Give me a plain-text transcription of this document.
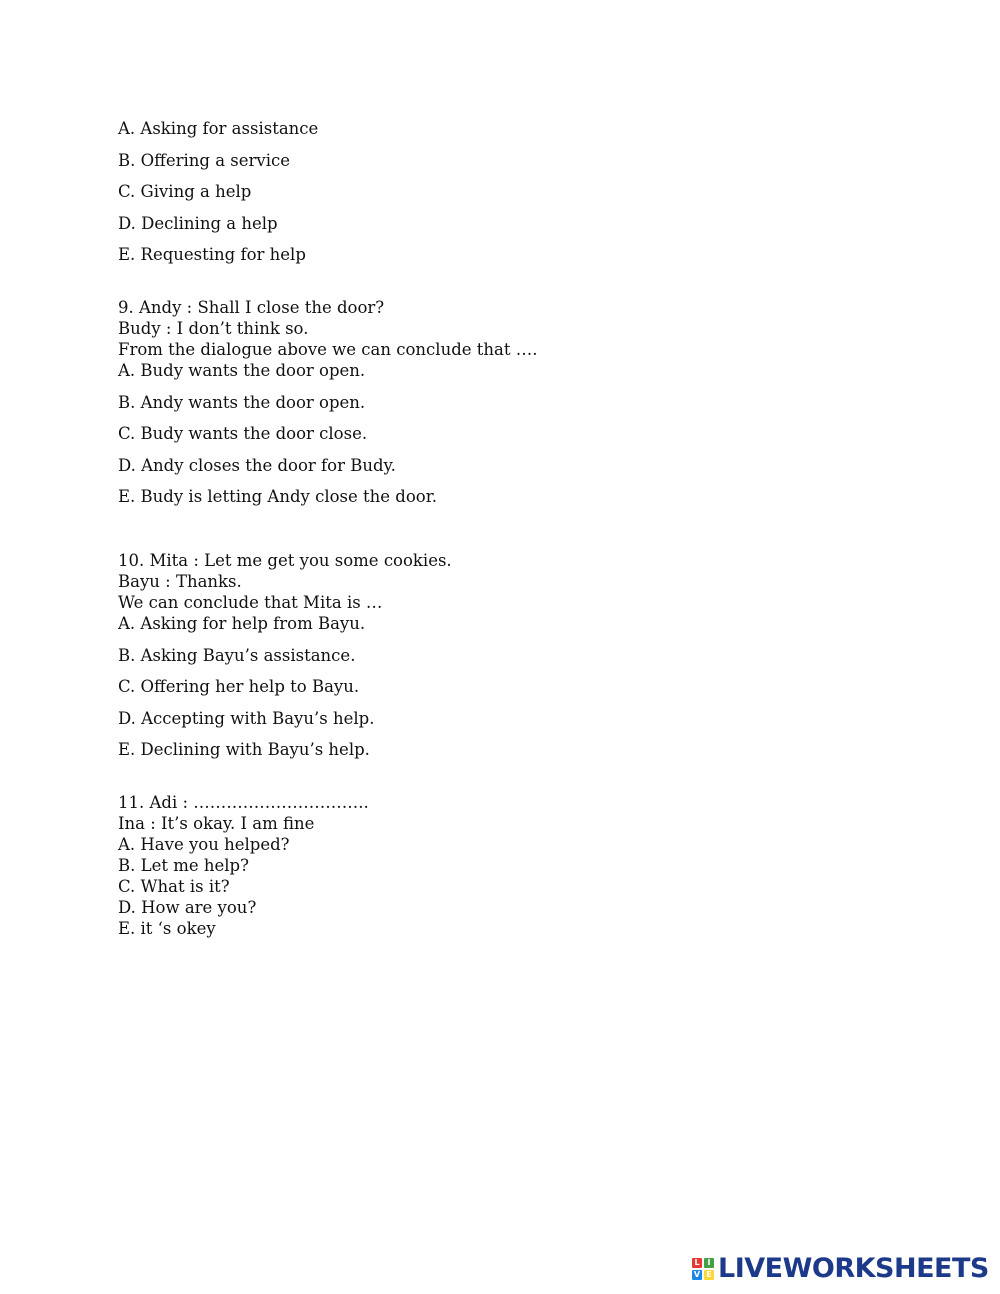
A. Asking for assistance
B. Offering a service
C. Giving a help
D. Declining a help
E. Requesting for help
9. Andy : Shall I close the door?
Budy : I don’t think so.
From the dialogue above we can conclude that ….
A. Budy wants the door open.
B. Andy wants the door open.
C. Budy wants the door close.
D. Andy closes the door for Budy.
E. Budy is letting Andy close the door.
10. Mita : Let me get you some cookies.
Bayu : Thanks.
We can conclude that Mita is …
A. Asking for help from Bayu.
B. Asking Bayu’s assistance.
C. Offering her help to Bayu.
D. Accepting with Bayu’s help.
E. Declining with Bayu’s help.
11. Adi : …………………………..
Ina : It’s okay. I am fine
A. Have you helped?
B. Let me help?
C. What is it?
D. How are you?
E. it ‘s okey
L I
V E LIVEWORKSHEETS
